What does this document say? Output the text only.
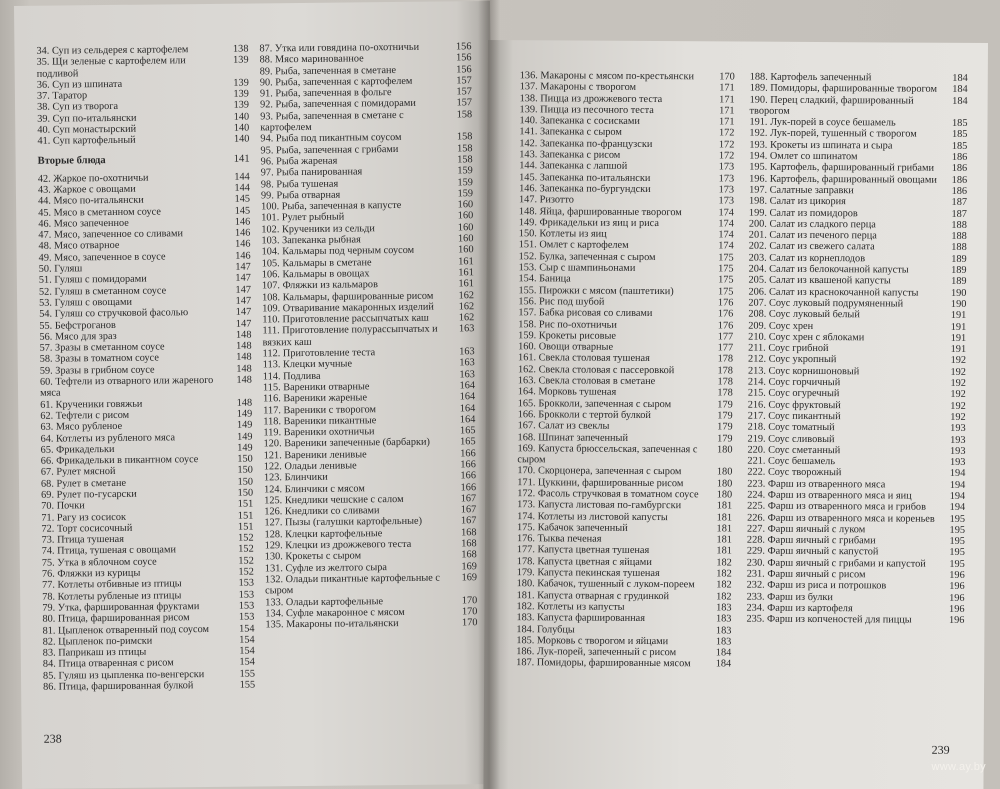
34. Суп из сельдерея с картофелем	138
35. Щи зеленые с картофелем или подливой
139
36. Суп из шпината	139
37. Таратор	139
38. Суп из творога	139
39. Суп по-итальянски	140
40. Суп монастырский	140
41. Суп картофельный	140
Вторые блюда	141
42. Жаркое по-охотничьи	144
43. Жаркое с овощами	144
44. Мясо по-итальянски	145
45. Мясо в сметанном соусе	145
46. Мясо запеченное	146
47. Мясо, запеченное со сливами	146
48. Мясо отварное	146
49. Мясо, запеченное в соусе	146
50. Гуляш	147
51. Гуляш с помидорами	147
52. Гуляш в сметанном соусе	147
53. Гуляш с овощами	147
54. Гуляш со стручковой фасолью	147
55. Бефстроганов	147
56. Мясо для зраз	148
57. Зразы в сметанном соусе	148
58. Зразы в томатном соусе	148
59. Зразы в грибном соусе	148
60. Тефтели из отварного или жареного мяса
148
61. Крученики говяжьи	148
62. Тефтели с рисом	149
63. Мясо рубленое	149
64. Котлеты из рубленого мяса	149
65. Фрикадельки	149
66. Фрикадельки в пикантном соусе	150
67. Рулет мясной	150
68. Рулет в сметане	150
69. Рулет по-гусарски	150
70. Почки	151
71. Рагу из сосисок	151
72. Торт сосисочный	151
73. Птица тушеная	152
74. Птица, тушеная с овощами	152
75. Утка в яблочном соусе	152
76. Фляжки из курицы	152
77. Котлеты отбивные из птицы	153
78. Котлеты рубленые из птицы	153
79. Утка, фаршированная фруктами	153
80. Птица, фаршированная рисом	153
81. Цыпленок отваренный под соусом	154
82. Цыпленок по-римски	154
83. Паприкаш из птицы	154
84. Птица отваренная с рисом	154
85. Гуляш из цыпленка по-венгерски	155
86. Птица, фаршированная булкой	155
87. Утка или говядина по-охотничьи	156
88. Мясо маринованное	156
89. Рыба, запеченная в сметане	156
90. Рыба, запеченная с картофелем	157
91. Рыба, запеченная в фольге	157
92. Рыба, запеченная с помидорами	157
93. Рыба, запеченная в сметане с картофелем
158
94. Рыба под пикантным соусом	158
95. Рыба, запеченная с грибами	158
96. Рыба жареная	158
97. Рыба панированная	159
98. Рыба тушеная	159
99. Рыба отварная	159
100. Рыба, запеченная в капусте	160
101. Рулет рыбный	160
102. Крученики из сельди	160
103. Запеканка рыбная	160
104. Кальмары под черным соусом	160
105. Кальмары в сметане	161
106. Кальмары в овощах	161
107. Фляжки из кальмаров	161
108. Кальмары, фаршированные рисом	162
109. Отваривание макаронных изделий	162
110. Приготовление рассыпчатых каш	162
111. Приготовление полурассыпчатых и вязких каш
163
112. Приготовление теста	163
113. Клецки мучные	163
114. Подлива	163
115. Вареники отварные	164
116. Вареники жареные	164
117. Вареники с творогом	164
118. Вареники пикантные	164
119. Вареники охотничьи	165
120. Вареники запеченные (барбарки)	165
121. Вареники ленивые	166
122. Оладьи ленивые	166
123. Блинчики	166
124. Блинчики с мясом	166
125. Кнедлики чешские с салом	167
126. Кнедлики со сливами	167
127. Пызы (галушки картофельные)	167
128. Клецки картофельные	168
129. Клецки из дрожжевого теста	168
130. Крокеты с сыром	168
131. Суфле из желтого сыра	169
132. Оладьи пикантные картофельные с сыром
169
133. Оладьи картофельные	170
134. Суфле макаронное с мясом	170
135. Макароны по-итальянски	170
238
136. Макароны с мясом по-крестьянски	170
137. Макароны с творогом	171
138. Пицца из дрожжевого теста	171
139. Пицца из песочного теста	171
140. Запеканка с сосисками	171
141. Запеканка с сыром	172
142. Запеканка по-французски	172
143. Запеканка с рисом	172
144. Запеканка с лапшой	173
145. Запеканка по-итальянски	173
146. Запеканка по-бургундски	173
147. Ризотто	173
148. Яйца, фаршированные творогом	174
149. Фрикадельки из яиц и риса	174
150. Котлеты из яиц	174
151. Омлет с картофелем	174
152. Булка, запеченная с сыром	175
153. Сыр с шампиньонами	175
154. Баница	175
155. Пирожки с мясом (паштетики)	175
156. Рис под шубой	176
157. Бабка рисовая со сливами	176
158. Рис по-охотничьи	176
159. Крокеты рисовые	177
160. Овощи отварные	177
161. Свекла столовая тушеная	178
162. Свекла столовая с пассеровкой	178
163. Свекла столовая в сметане	178
164. Морковь тушеная	178
165. Брокколи, запеченная с сыром	179
166. Брокколи с тертой булкой	179
167. Салат из свеклы	179
168. Шпинат запеченный	179
169. Капуста брюссельская, запеченная с сыром
180
170. Скорцонера, запеченная с сыром	180
171. Цуккини, фаршированные рисом	180
172. Фасоль стручковая в томатном соусе	180
173. Капуста листовая по-гамбургски	181
174. Котлеты из листовой капусты	181
175. Кабачок запеченный	181
176. Тыква печеная	181
177. Капуста цветная тушеная	181
178. Капуста цветная с яйцами	182
179. Капуста пекинская тушеная	182
180. Кабачок, тушенный с луком-пореем	182
181. Капуста отварная с грудинкой	182
182. Котлеты из капусты	183
183. Капуста фаршированная	183
184. Голубцы	183
185. Морковь с творогом и яйцами	183
186. Лук-порей, запеченный с рисом	184
187. Помидоры, фаршированные мясом	184
188. Картофель запеченный	184
189. Помидоры, фаршированные творогом	184
190. Перец сладкий, фаршированный творогом
184
191. Лук-порей в соусе бешамель	185
192. Лук-порей, тушенный с творогом	185
193. Крокеты из шпината и сыра	185
194. Омлет со шпинатом	186
195. Картофель, фаршированный грибами	186
196. Картофель, фаршированный овощами	186
197. Салатные заправки	186
198. Салат из цикория	187
199. Салат из помидоров	187
200. Салат из сладкого перца	188
201. Салат из печеного перца	188
202. Салат из свежего салата	188
203. Салат из корнеплодов	189
204. Салат из белокочанной капусты	189
205. Салат из квашеной капусты	189
206. Салат из краснокочанной капусты	190
207. Соус луковый подрумяненный	190
208. Соус луковый белый	191
209. Соус хрен	191
210. Соус хрен с яблоками	191
211. Соус грибной	191
212. Соус укропный	192
213. Соус корнишоновый	192
214. Соус горчичный	192
215. Соус огуречный	192
216. Соус фруктовый	192
217. Соус пикантный	192
218. Соус томатный	193
219. Соус сливовый	193
220. Соус сметанный	193
221. Соус бешамель	193
222. Соус творожный	194
223. Фарш из отваренного мяса	194
224. Фарш из отваренного мяса и яиц	194
225. Фарш из отваренного мяса и грибов	194
226. Фарш из отваренного мяса и кореньев	195
227. Фарш яичный с луком	195
228. Фарш яичный с грибами	195
229. Фарш яичный с капустой	195
230. Фарш яичный с грибами и капустой	195
231. Фарш яичный с рисом	196
232. Фарш из риса и потрошков	196
233. Фарш из булки	196
234. Фарш из картофеля	196
235. Фарш из копченостей для пиццы	196
239
www.ay.by
